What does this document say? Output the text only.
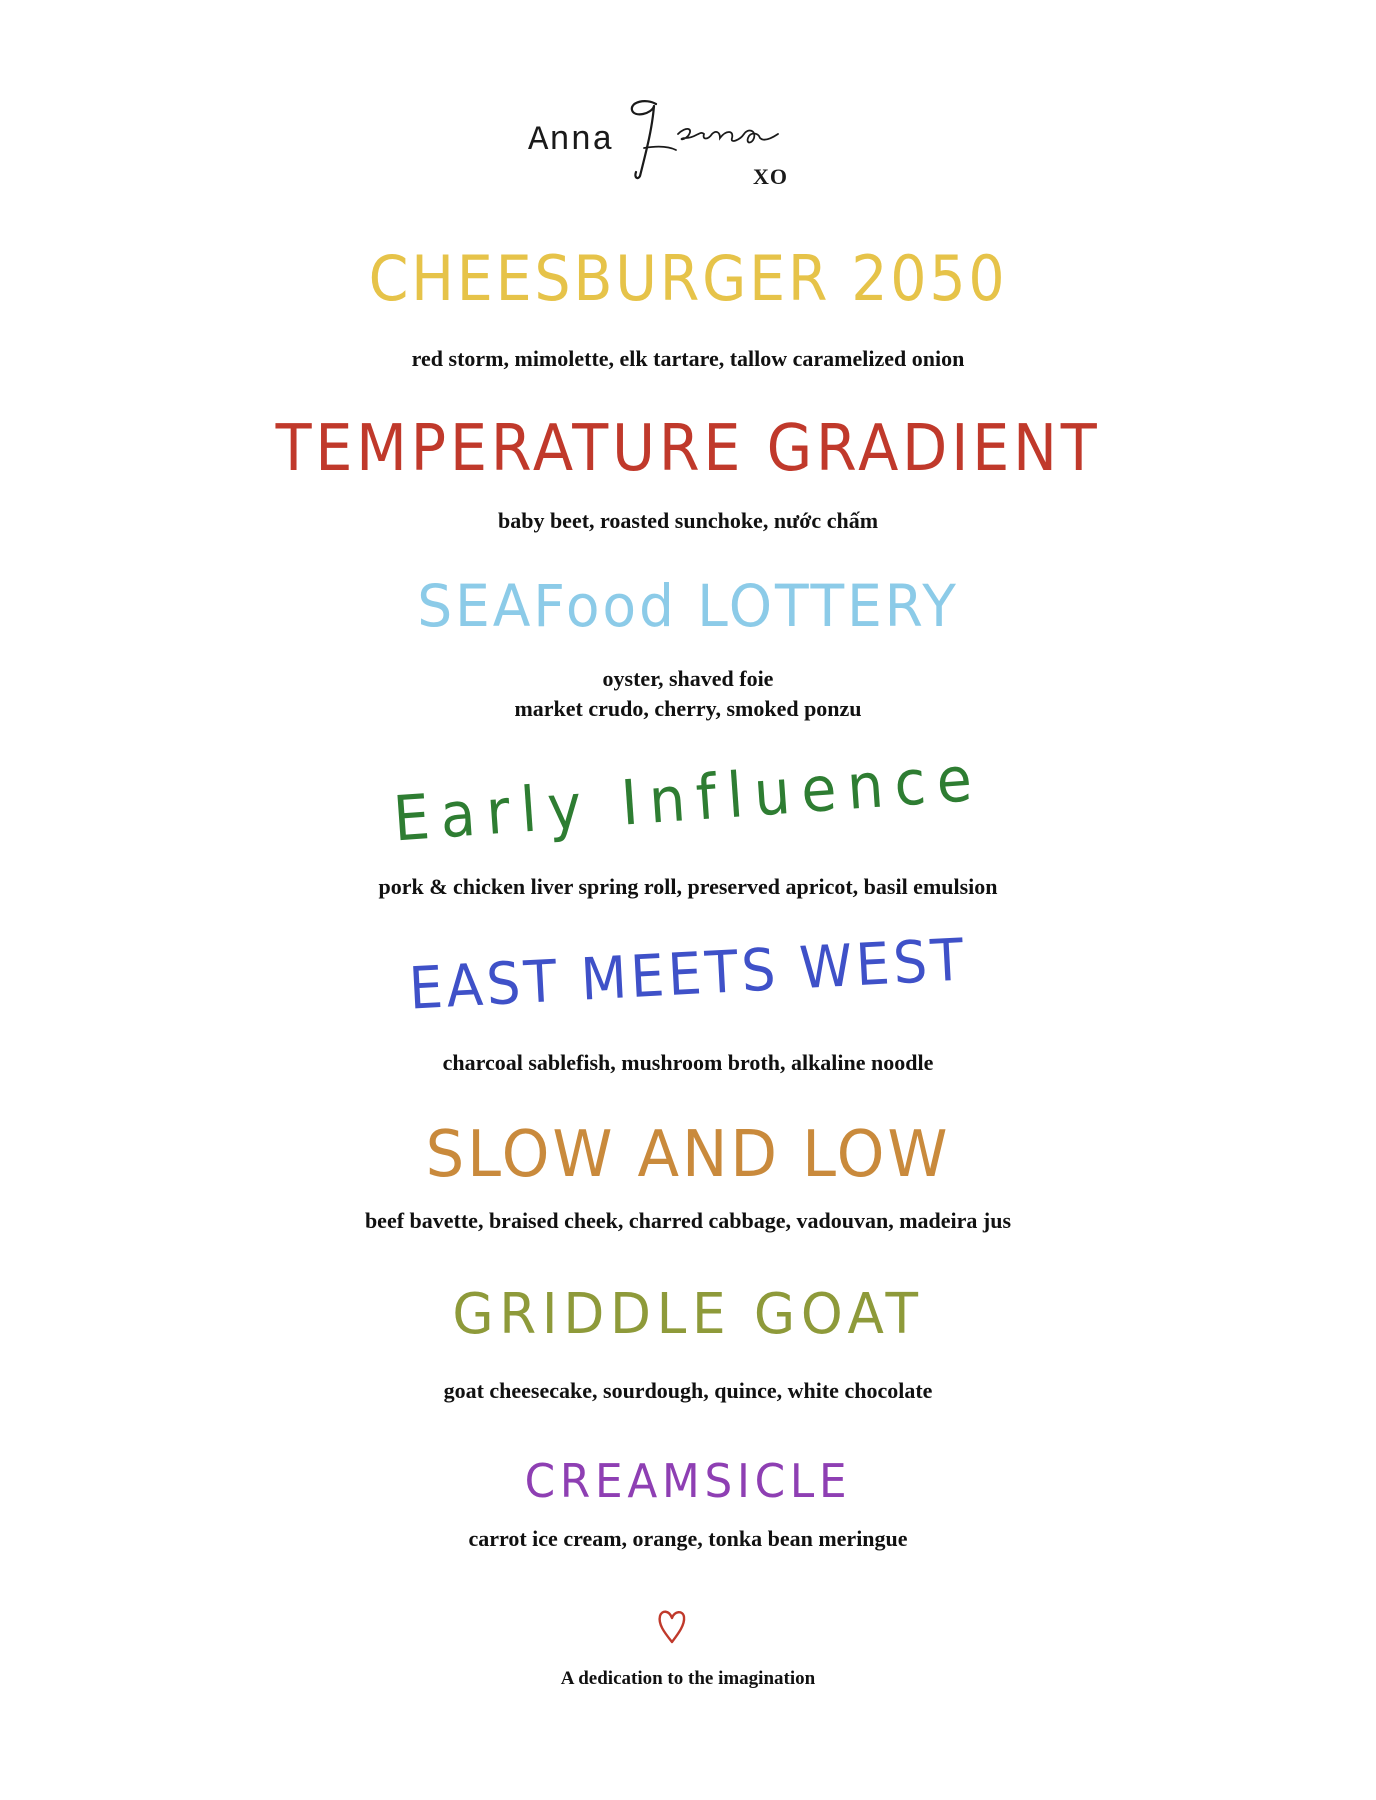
Anna
XO
CHEESBURGER 2050
red storm, mimolette, elk tartare, tallow caramelized onion
TEMPERATURE GRADIENT
baby beet, roasted sunchoke, nước chấm
SEAFood LOTTERY
oyster, shaved foie
market crudo, cherry, smoked ponzu
Early Influence
pork & chicken liver spring roll, preserved apricot, basil emulsion
EAST MEETS WEST
charcoal sablefish, mushroom broth, alkaline noodle
SLOW AND LOW
beef bavette, braised cheek, charred cabbage, vadouvan, madeira jus
GRIDDLE GOAT
goat cheesecake, sourdough, quince, white chocolate
CREAMSICLE
carrot ice cream, orange, tonka bean meringue
A dedication to the imagination
